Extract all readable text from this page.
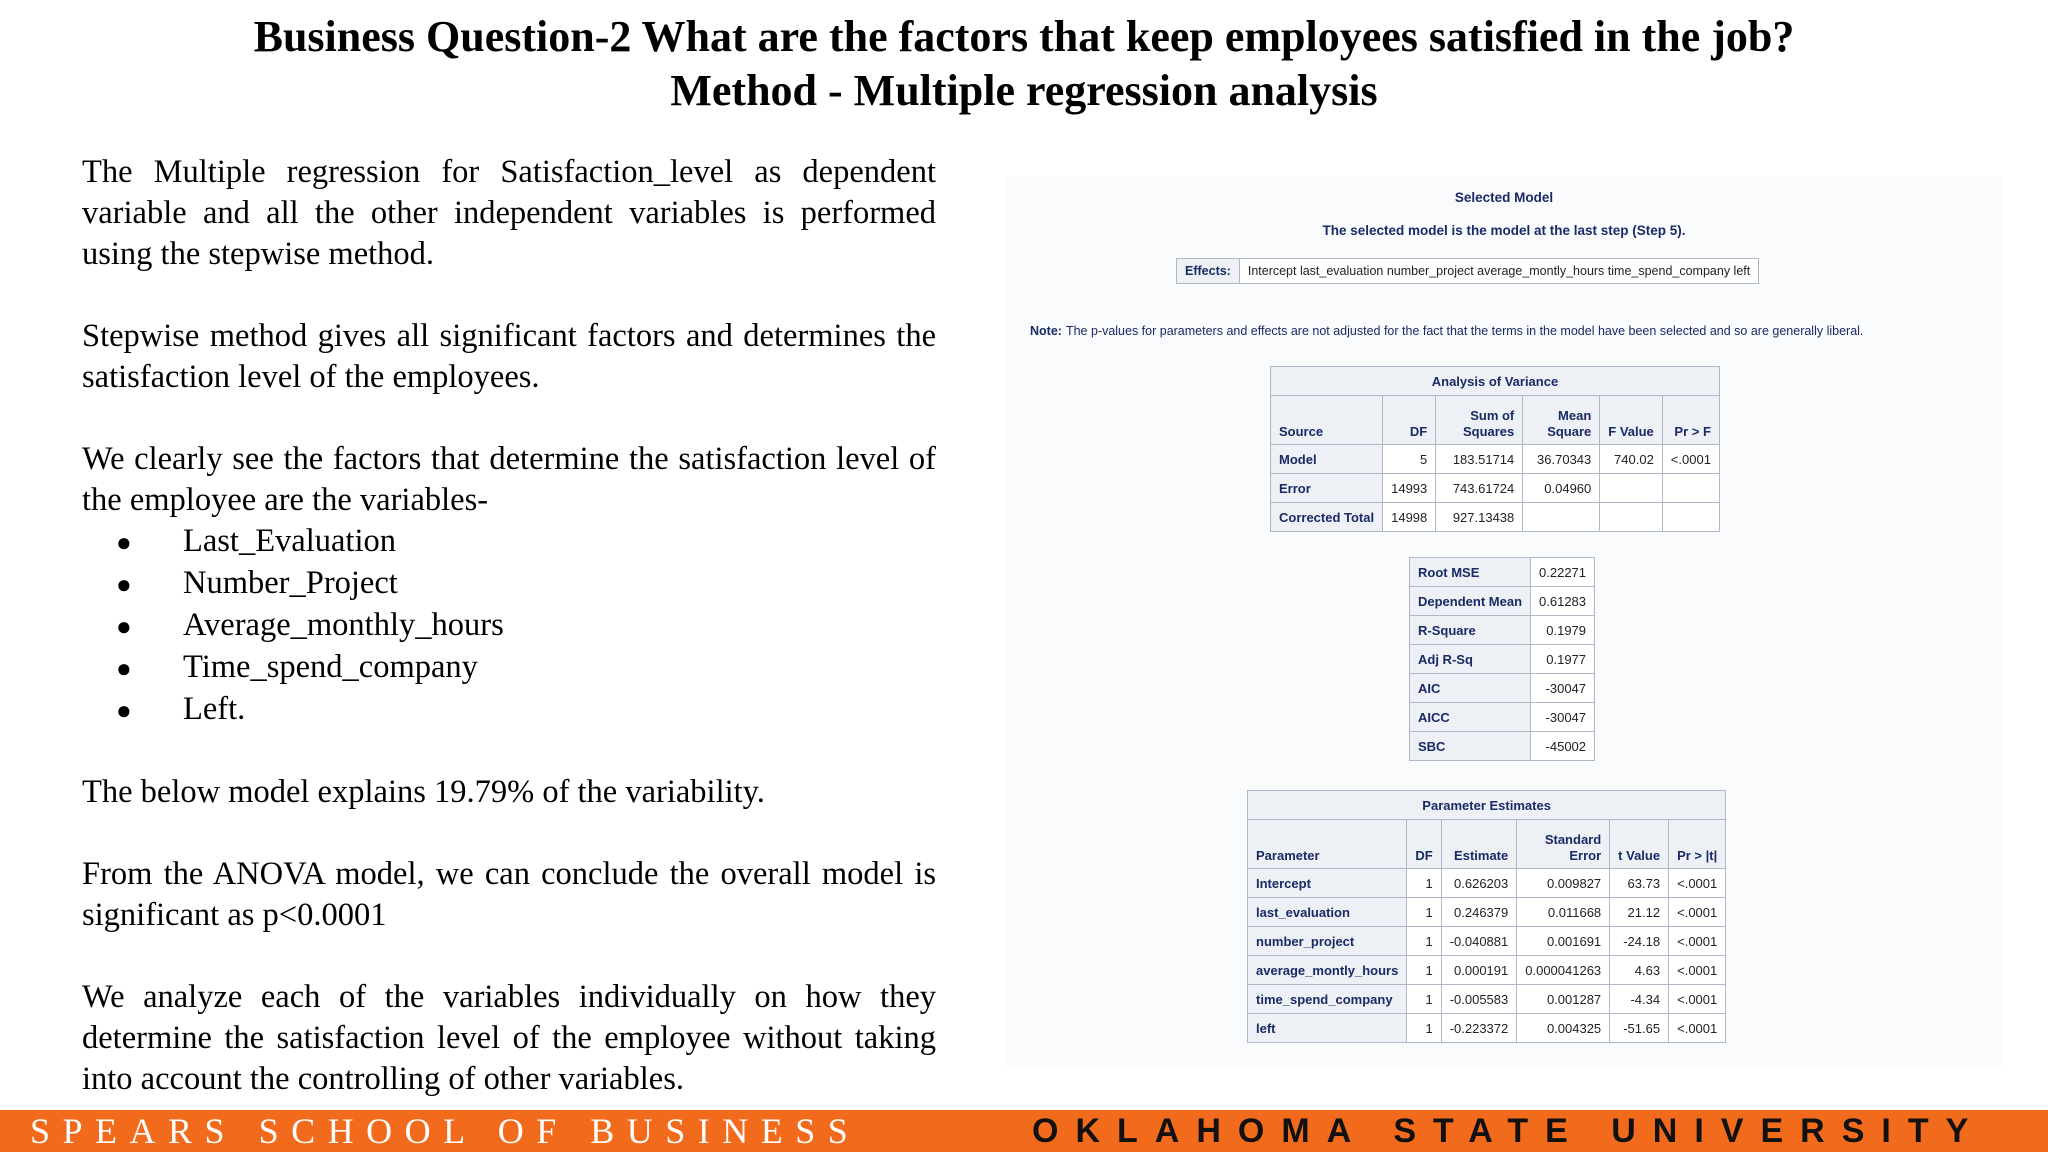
Business Question-2 What are the factors that keep employees satisfied in the job?
Method - Multiple regression analysis

The Multiple regression for Satisfaction_level as dependent variable and all the other independent variables is performed using the stepwise method.

Stepwise method gives all significant factors and determines the satisfaction level of the employees.

We clearly see the factors that determine the satisfaction level of the employee are the variables-

●	Last_Evaluation
●	Number_Project
●	Average_monthly_hours
●	Time_spend_company
●	Left.

The below model explains 19.79% of the variability.

From the ANOVA model, we can conclude the overall model is significant as p<0.0001

We analyze each of the variables individually on how they determine the satisfaction level of the employee without taking into account the controlling of other variables.

Selected Model
The selected model is the model at the last step (Step 5).
Effects:	Intercept last_evaluation number_project average_montly_hours time_spend_company left
Note: The p-values for parameters and effects are not adjusted for the fact that the terms in the model have been selected and so are generally liberal.
Analysis of Variance					
Source	DF	Sum of Squares	Mean Square	F Value	Pr > F
Model	5	183.51714	36.70343	740.02	<.0001
Error	14993	743.61724	0.04960		
Corrected Total	14998	927.13438			
Root MSE	0.22271
Dependent Mean	0.61283
R-Square	0.1979
Adj R-Sq	0.1977
AIC	-30047
AICC	-30047
SBC	-45002
Parameter Estimates					
Parameter	DF	Estimate	Standard Error	t Value	Pr > |t|
Intercept	1	0.626203	0.009827	63.73	<.0001
last_evaluation	1	0.246379	0.011668	21.12	<.0001
number_project	1	-0.040881	0.001691	-24.18	<.0001
average_montly_hours	1	0.000191	0.000041263	4.63	<.0001
time_spend_company	1	-0.005583	0.001287	-4.34	<.0001
left	1	-0.223372	0.004325	-51.65	<.0001
SPEARS SCHOOL OF BUSINESS	OKLAHOMA STATE UNIVERSITY
